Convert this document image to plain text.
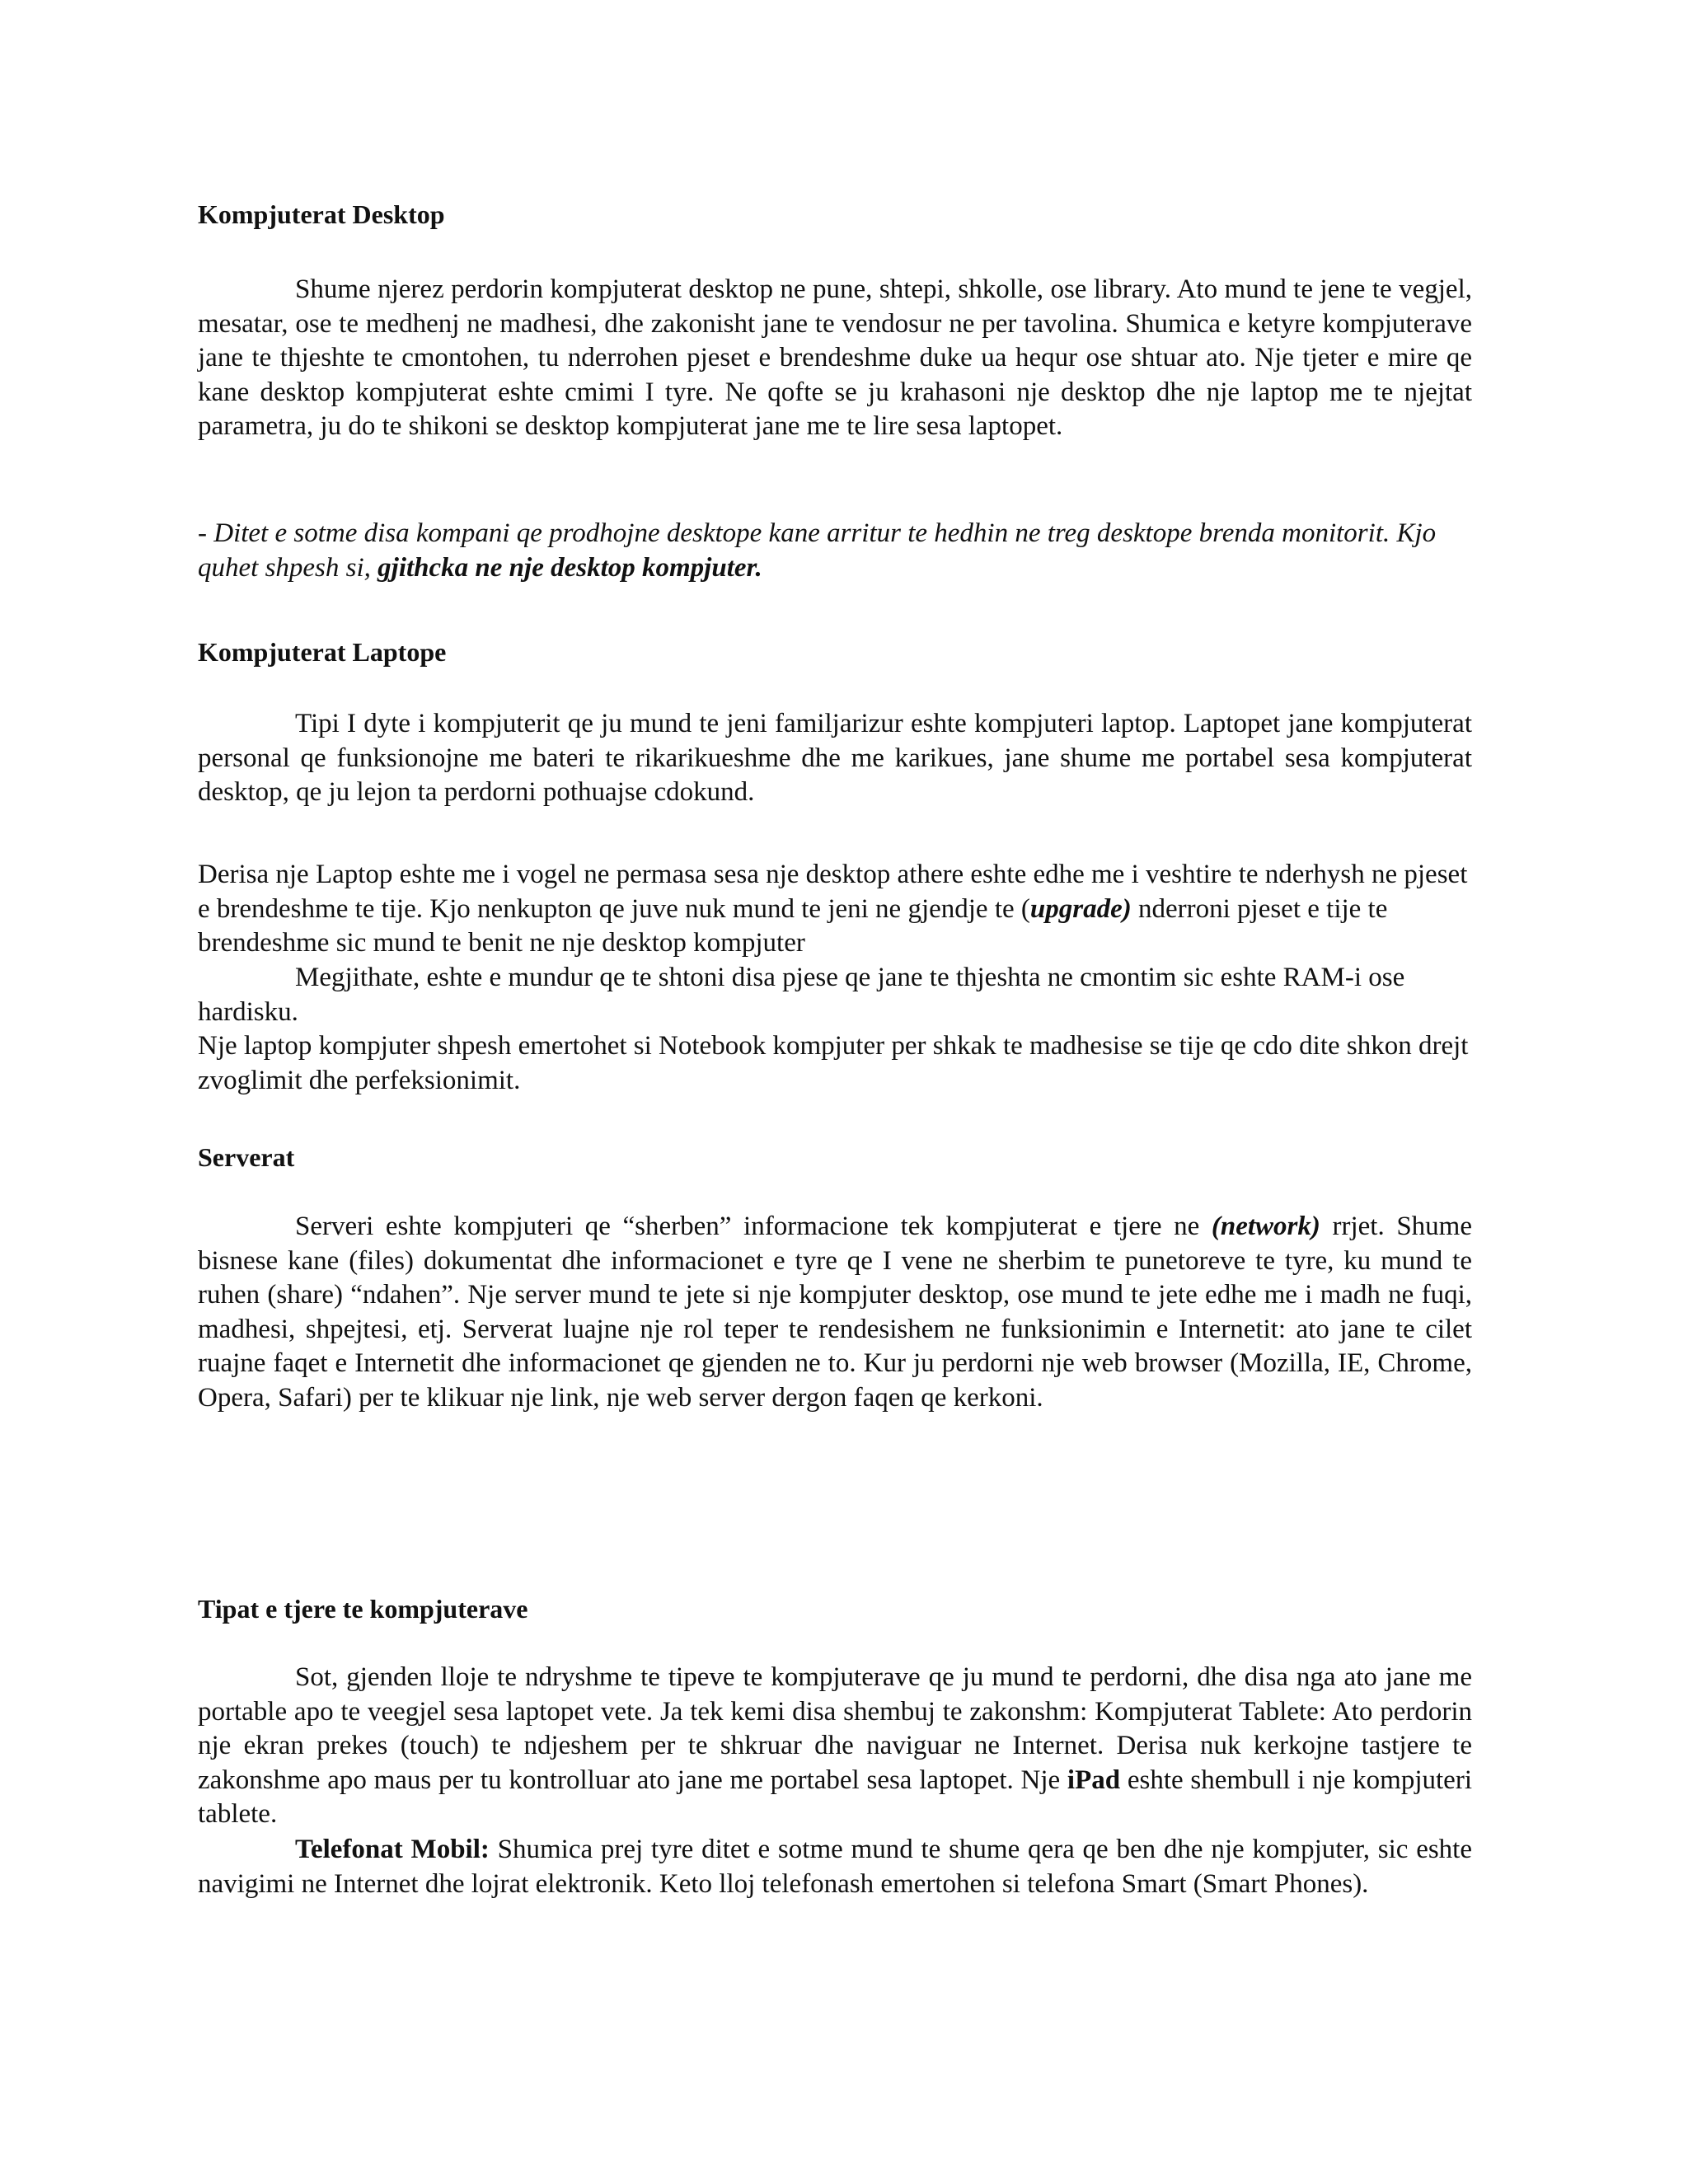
Kompjuterat Desktop

Shume njerez perdorin kompjuterat desktop ne pune, shtepi, shkolle, ose library. Ato mund te jene te vegjel, mesatar, ose te medhenj ne madhesi, dhe zakonisht jane te vendosur ne per tavolina. Shumica e ketyre kompjuterave jane te thjeshte te cmontohen, tu nderrohen pjeset e brendeshme duke ua hequr ose shtuar ato. Nje tjeter e mire qe kane desktop kompjuterat eshte cmimi I tyre. Ne qofte se ju krahasoni nje desktop dhe nje laptop me te njejtat parametra, ju do te shikoni se desktop kompjuterat jane me te lire sesa laptopet.

- Ditet e sotme disa kompani qe prodhojne desktope kane arritur te hedhin ne treg desktope brenda monitorit. Kjo quhet shpesh si, gjithcka ne nje desktop kompjuter.

Kompjuterat Laptope

Tipi I dyte i kompjuterit qe ju mund te jeni familjarizur eshte kompjuteri laptop. Laptopet jane kompjuterat personal qe funksionojne me bateri te rikarikueshme dhe me karikues, jane shume me portabel sesa kompjuterat desktop, qe ju lejon ta perdorni pothuajse cdokund.

Derisa nje Laptop eshte me i vogel ne permasa sesa nje desktop athere eshte edhe me i veshtire te nderhysh ne pjeset e brendeshme te tije. Kjo nenkupton qe juve nuk mund te jeni ne gjendje te (upgrade) nderroni pjeset e tije te brendeshme sic mund te benit ne nje desktop kompjuter

Megjithate, eshte e mundur qe te shtoni disa pjese qe jane te thjeshta ne cmontim sic eshte RAM-i ose hardisku.

Nje laptop kompjuter shpesh emertohet si Notebook kompjuter per shkak te madhesise se tije qe cdo dite shkon drejt zvoglimit dhe perfeksionimit.

Serverat

Serveri eshte kompjuteri qe “sherben” informacione tek kompjuterat e tjere ne (network) rrjet. Shume bisnese kane (files) dokumentat dhe informacionet e tyre qe I vene ne sherbim te punetoreve te tyre, ku mund te ruhen (share) “ndahen”. Nje server mund te jete si nje kompjuter desktop, ose mund te jete edhe me i madh ne fuqi, madhesi, shpejtesi, etj. Serverat luajne nje rol teper te rendesishem ne funksionimin e Internetit: ato jane te cilet ruajne faqet e Internetit dhe informacionet qe gjenden ne to. Kur ju perdorni nje web browser (Mozilla, IE, Chrome, Opera, Safari) per te klikuar nje link, nje web server dergon faqen qe kerkoni.

Tipat e tjere te kompjuterave

Sot, gjenden lloje te ndryshme te tipeve te kompjuterave qe ju mund te perdorni, dhe disa nga ato jane me portable apo te veegjel sesa laptopet vete. Ja tek kemi disa shembuj te zakonshm: Kompjuterat Tablete: Ato perdorin nje ekran prekes (touch) te ndjeshem per te shkruar dhe naviguar ne Internet. Derisa nuk kerkojne tastjere te zakonshme apo maus per tu kontrolluar ato jane me portabel sesa laptopet. Nje iPad eshte shembull i nje kompjuteri tablete.

Telefonat Mobil: Shumica prej tyre ditet e sotme mund te shume qera qe ben dhe nje kompjuter, sic eshte navigimi ne Internet dhe lojrat elektronik. Keto lloj telefonash emertohen si telefona Smart (Smart Phones).
